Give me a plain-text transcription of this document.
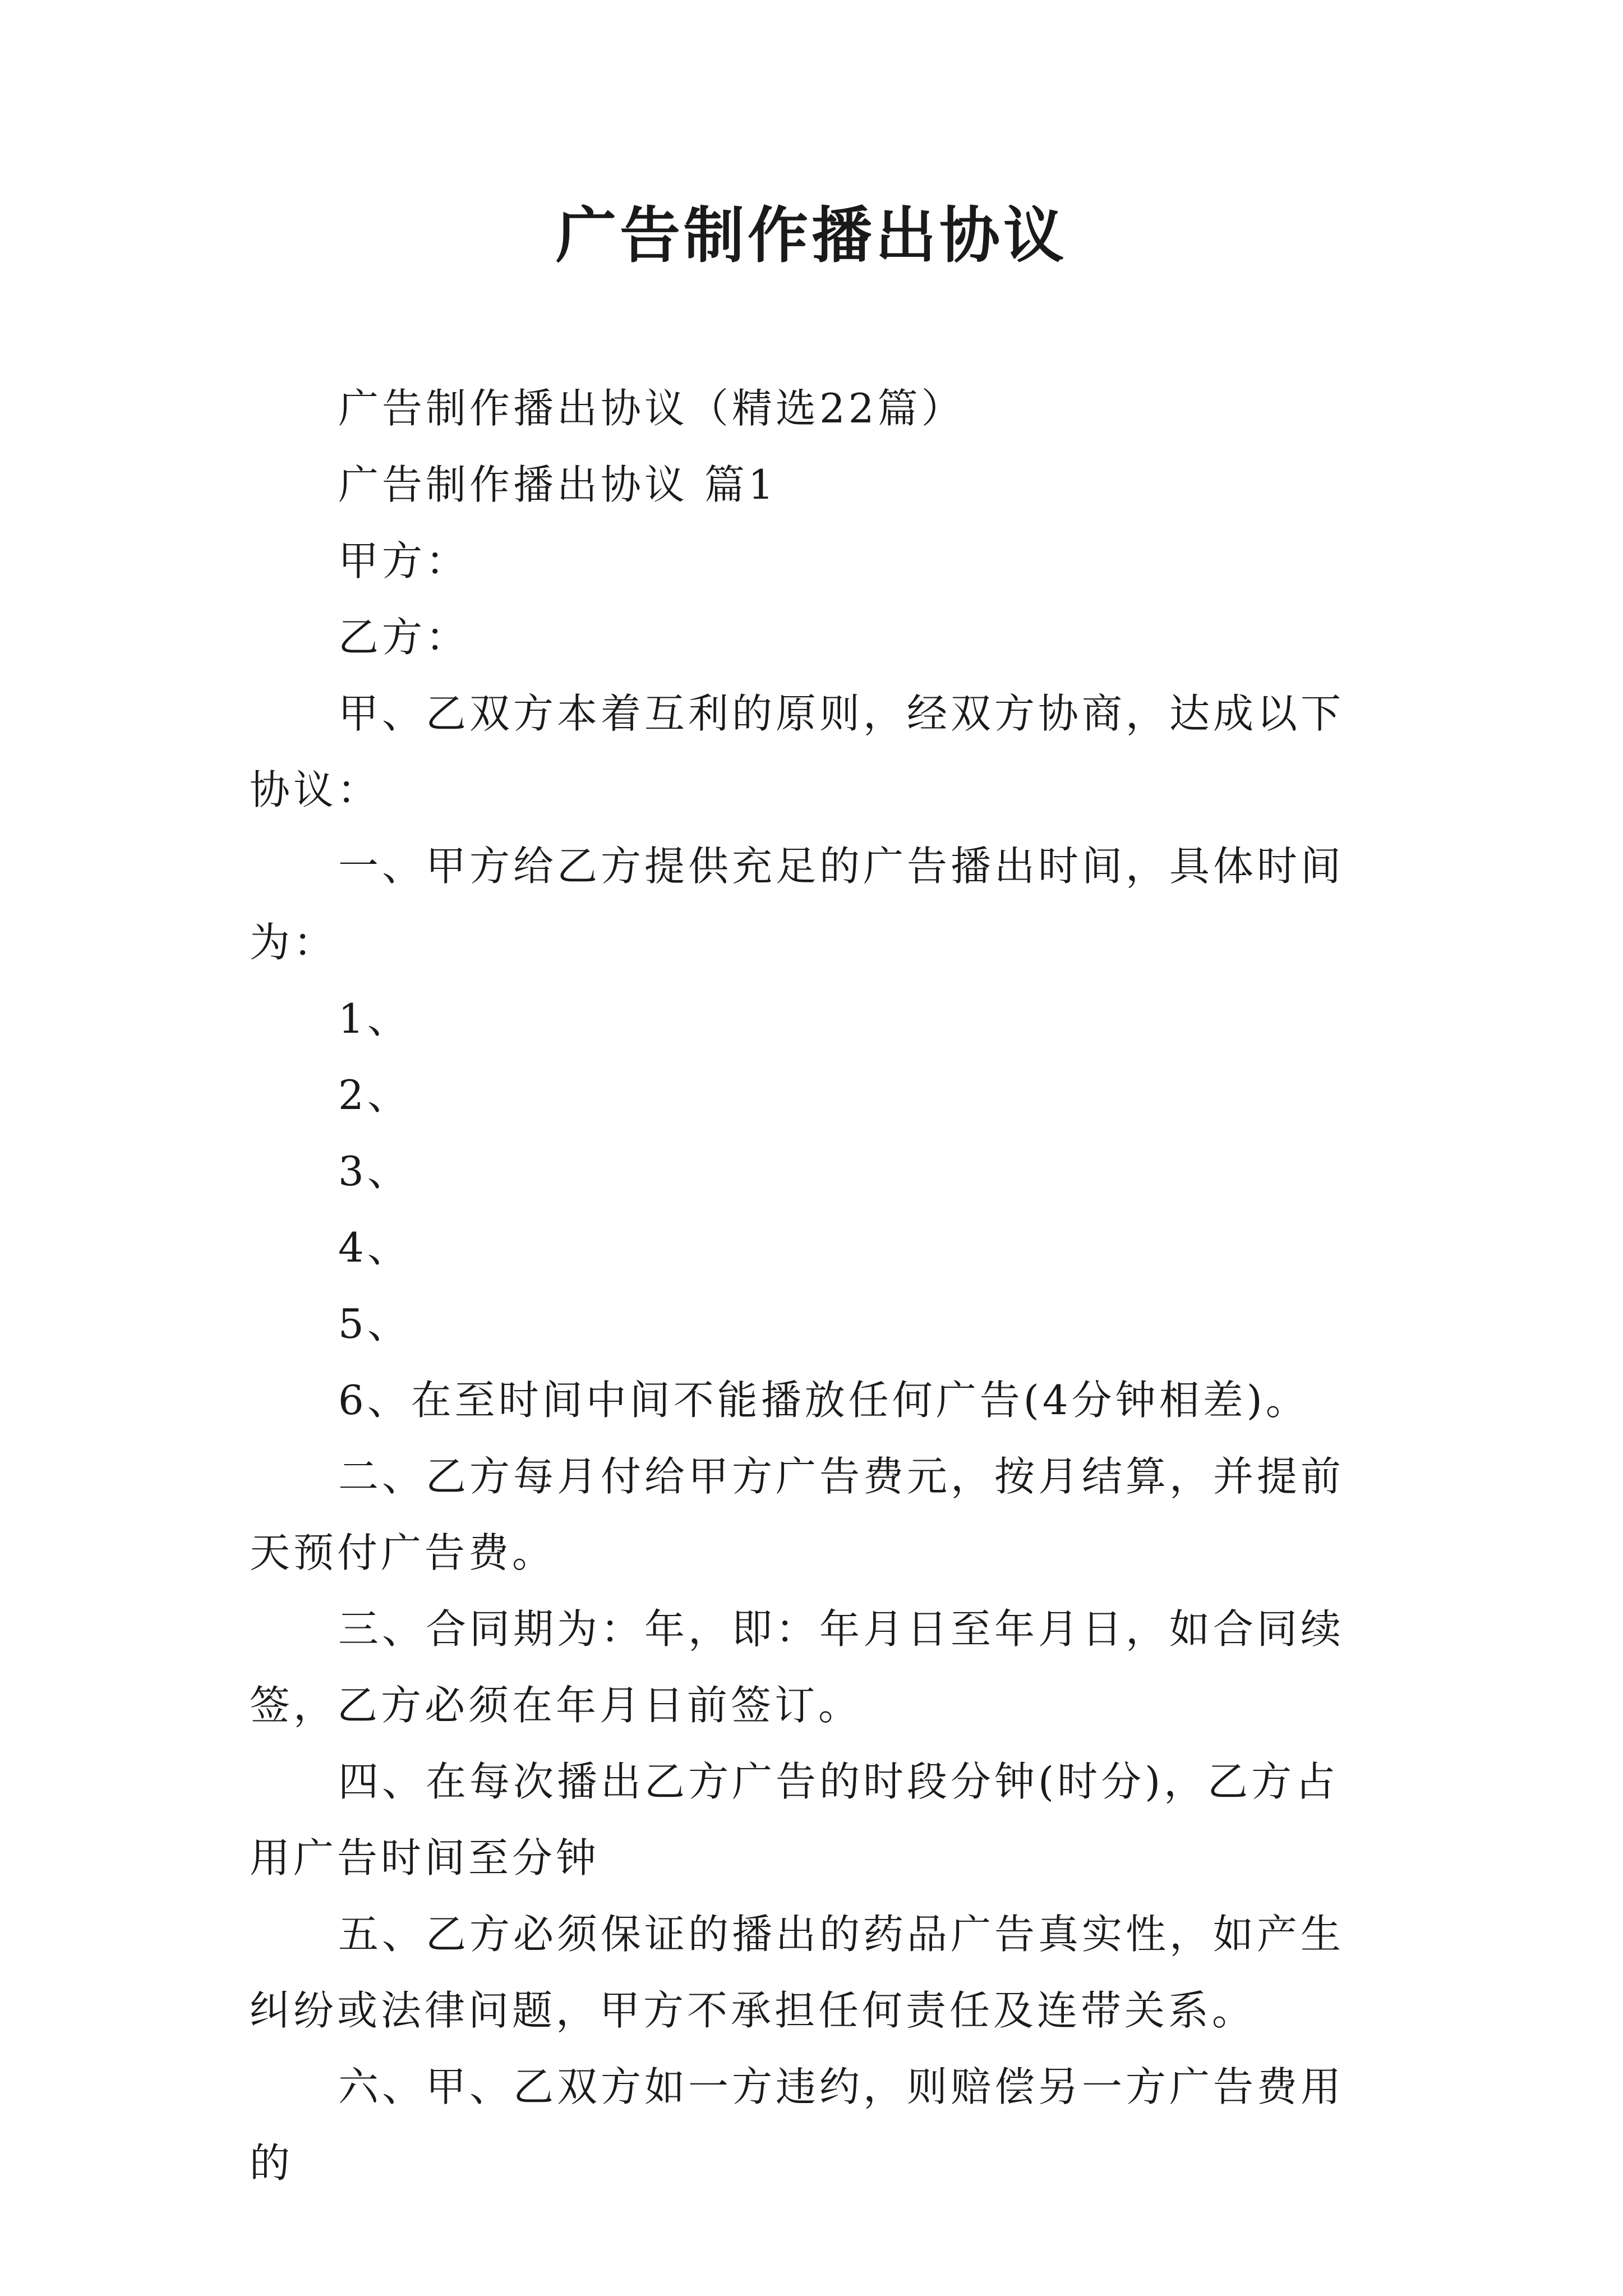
广告制作播出协议

广告制作播出协议（精选22篇）

广告制作播出协议 篇1

甲方：

乙方：

甲、乙双方本着互利的原则，经双方协商，达成以下协议：

一、甲方给乙方提供充足的广告播出时间，具体时间为：

1、

2、

3、

4、

5、

6、在至时间中间不能播放任何广告(4分钟相差)。

二、乙方每月付给甲方广告费元，按月结算，并提前天预付广告费。

三、合同期为：年，即：年月日至年月日，如合同续签，乙方必须在年月日前签订。

四、在每次播出乙方广告的时段分钟(时分)，乙方占用广告时间至分钟

五、乙方必须保证的播出的药品广告真实性，如产生纠纷或法律问题，甲方不承担任何责任及连带关系。

六、甲、乙双方如一方违约，则赔偿另一方广告费用的
